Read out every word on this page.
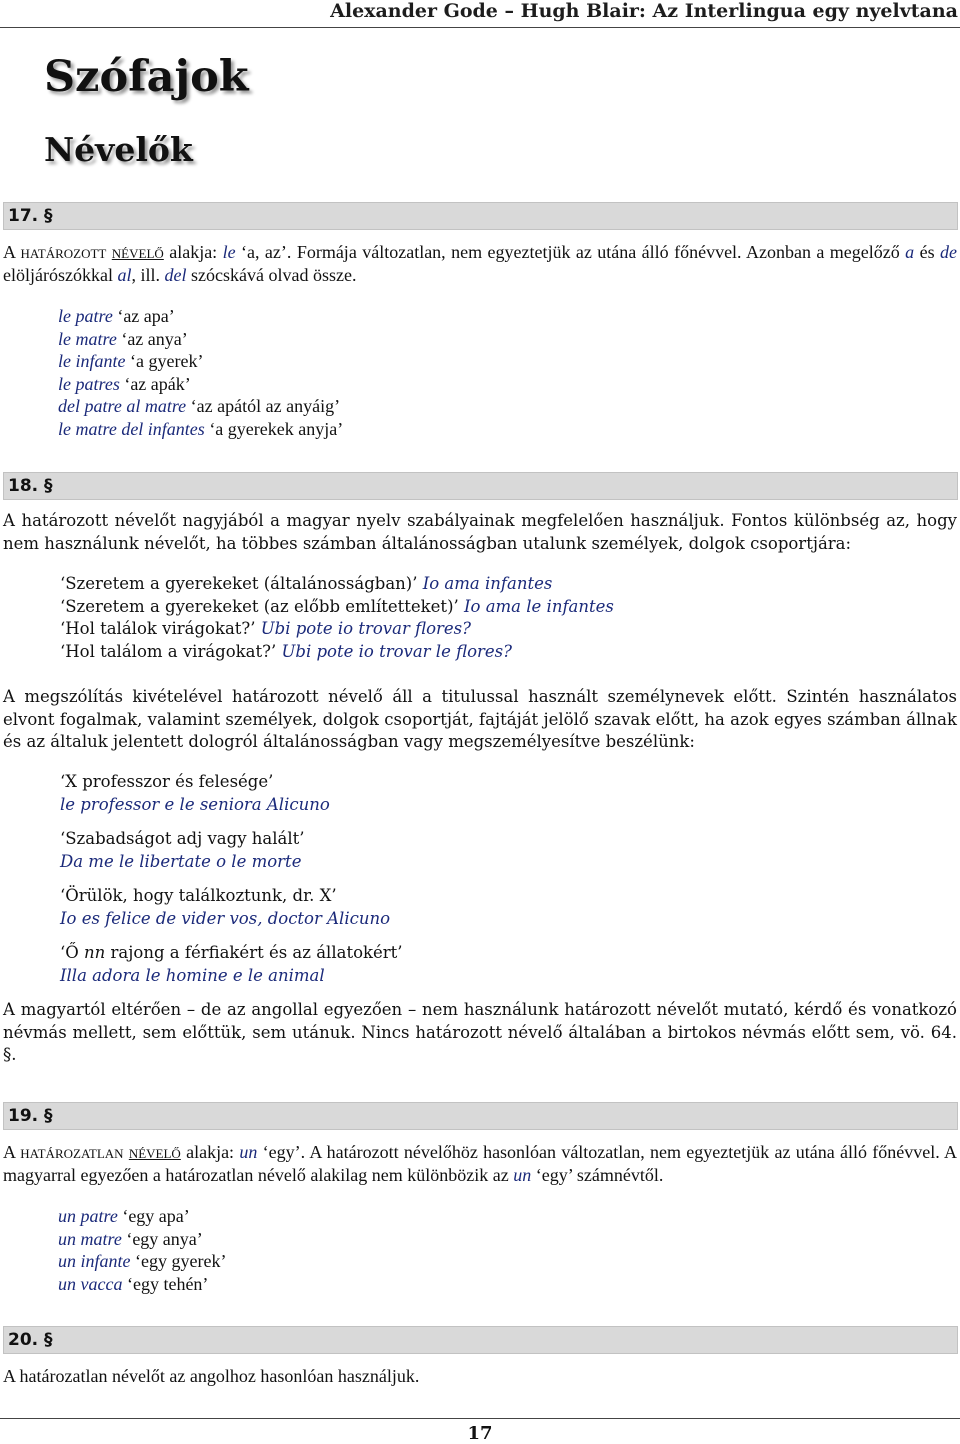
Alexander Gode – Hugh Blair: Az Interlingua egy nyelvtana
Szófajok
Névelők
17. §
A határozott névelő alakja: le ‘a, az’. Formája változatlan, nem egyeztetjük az utána álló főnévvel. Azonban a megelőző a és de elöljárószókkal al, ill. del szócskává olvad össze.
le patre ‘az apa’
le matre ‘az anya’
le infante ‘a gyerek’
le patres ‘az apák’
del patre al matre ‘az apától az anyáig’
le matre del infantes ‘a gyerekek anyja’
18. §
A határozott névelőt nagyjából a magyar nyelv szabályainak megfelelően használjuk. Fontos különbség az, hogy nem használunk névelőt, ha többes számban általánosságban utalunk személyek, dolgok csoportjára:
‘Szeretem a gyerekeket (általánosságban)’ Io ama infantes
‘Szeretem a gyerekeket (az előbb említetteket)’ Io ama le infantes
‘Hol találok virágokat?’ Ubi pote io trovar flores?
‘Hol találom a virágokat?’ Ubi pote io trovar le flores?
A megszólítás kivételével határozott névelő áll a titulussal használt személynevek előtt. Szintén használatos elvont fogalmak, valamint személyek, dolgok csoportját, fajtáját jelölő szavak előtt, ha azok egyes számban állnak és az általuk jelentett dologról általánosságban vagy megszemélyesítve beszélünk:
‘X professzor és felesége’
le professor e le seniora Alicuno
‘Szabadságot adj vagy halált’
Da me le libertate o le morte
‘Örülök, hogy találkoztunk, dr. X’
Io es felice de vider vos, doctor Alicuno
‘Ő nn rajong a férfiakért és az állatokért’
Illa adora le homine e le animal
A magyartól eltérően – de az angollal egyezően – nem használunk határozott névelőt mutató, kérdő és vonatkozó névmás mellett, sem előttük, sem utánuk. Nincs határozott névelő általában a birtokos névmás előtt sem, vö. 64. §.
19. §
A határozatlan névelő alakja: un ‘egy’. A határozott névelőhöz hasonlóan változatlan, nem egyeztetjük az utána álló főnévvel. A magyarral egyezően a határozatlan névelő alakilag nem különbözik az un ‘egy’ számnévtől.
un patre ‘egy apa’
un matre ‘egy anya’
un infante ‘egy gyerek’
un vacca ‘egy tehén’
20. §
A határozatlan névelőt az angolhoz hasonlóan használjuk.
17
